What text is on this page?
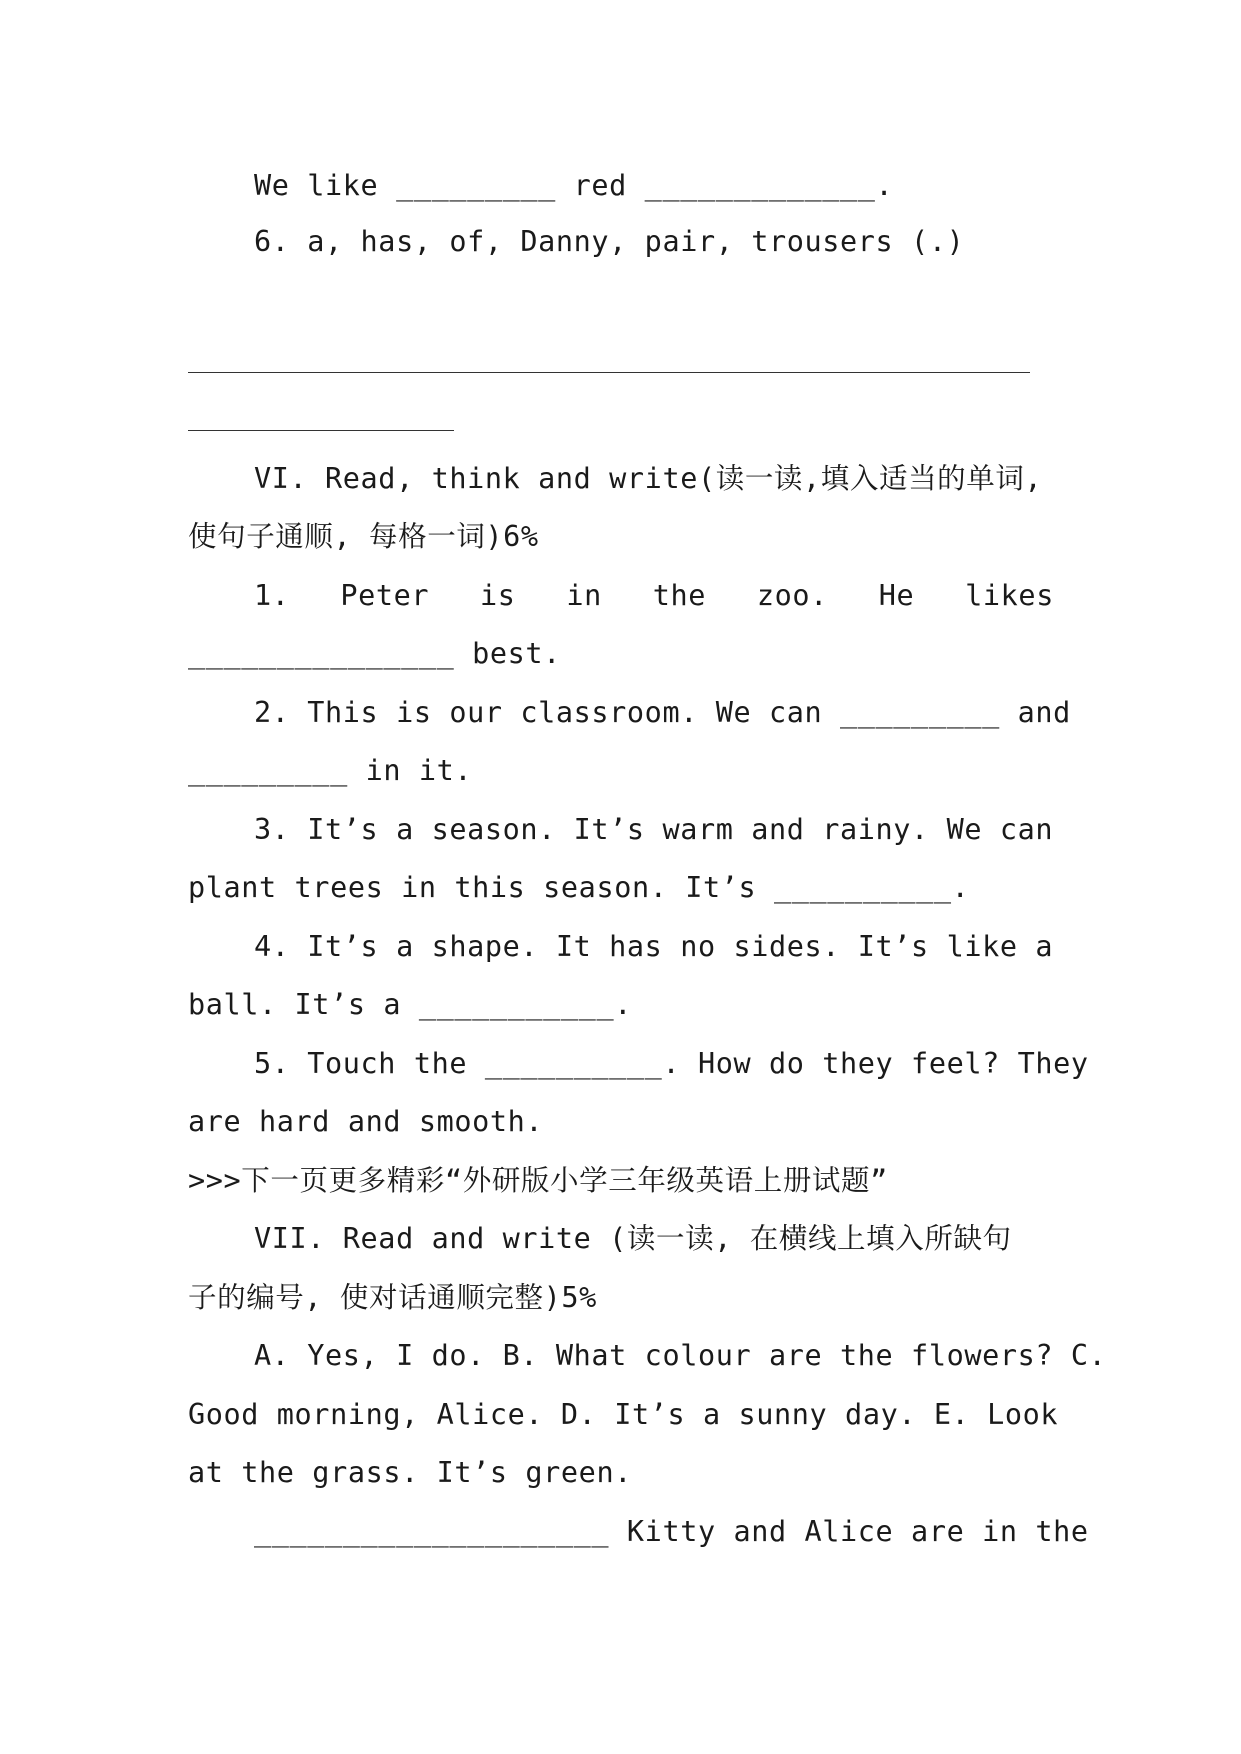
We like _________ red _____________.
6. a, has, of, Danny, pair, trousers (.)
VI. Read, think and write(读一读,填入适当的单词,
使句子通顺, 每格一词)6%
1. Peter is in the zoo. He likes
_______________ best.
2. This is our classroom. We can _________ and
_________ in it.
3. It’s a season. It’s warm and rainy. We can
plant trees in this season. It’s __________.
4. It’s a shape. It has no sides. It’s like a
ball. It’s a ___________.
5. Touch the __________. How do they feel? They
are hard and smooth.
>>>下一页更多精彩“外研版小学三年级英语上册试题”
VII. Read and write (读一读, 在横线上填入所缺句
子的编号, 使对话通顺完整)5%
A. Yes, I do. B. What colour are the flowers? C.
Good morning, Alice. D. It’s a sunny day. E. Look
at the grass. It’s green.
____________________ Kitty and Alice are in the
